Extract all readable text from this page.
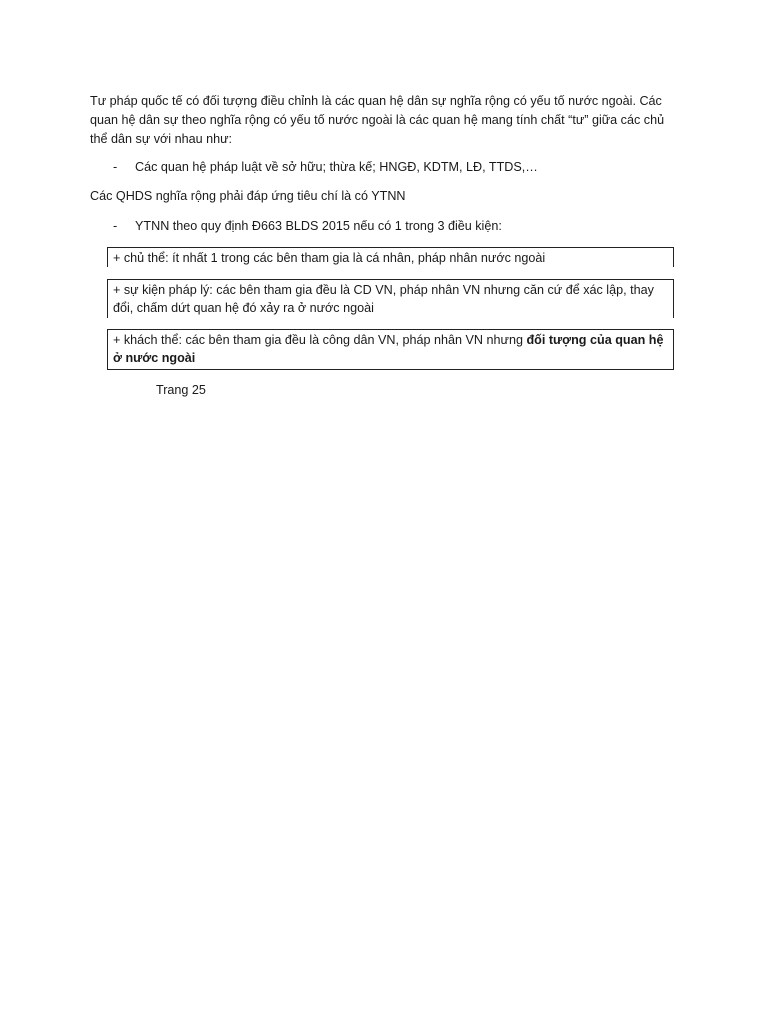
Tư pháp quốc tế có đối tượng điều chỉnh là các quan hệ dân sự nghĩa rộng có yếu tố nước ngoài. Các quan hệ dân sự theo nghĩa rộng có yếu tố nước ngoài là các quan hệ mang tính chất “tư” giữa các chủ thể dân sự với nhau như:

- Các quan hệ pháp luật về sở hữu; thừa kế; HNGĐ, KDTM, LĐ, TTDS,…

Các QHDS nghĩa rộng phải đáp ứng tiêu chí là có YTNN

- YTNN theo quy định Đ663 BLDS 2015 nếu có 1 trong 3 điều kiện:
+ chủ thể: ít nhất 1 trong các bên tham gia là cá nhân, pháp nhân nước ngoài
+ sự kiện pháp lý: các bên tham gia đều là CD VN, pháp nhân VN nhưng căn cứ để xác lập, thay đổi, chấm dứt quan hệ đó xảy ra ở nước ngoài
+ khách thể: các bên tham gia đều là công dân VN, pháp nhân VN nhưng đối tượng của quan hệ ở nước ngoài
Trang 25
